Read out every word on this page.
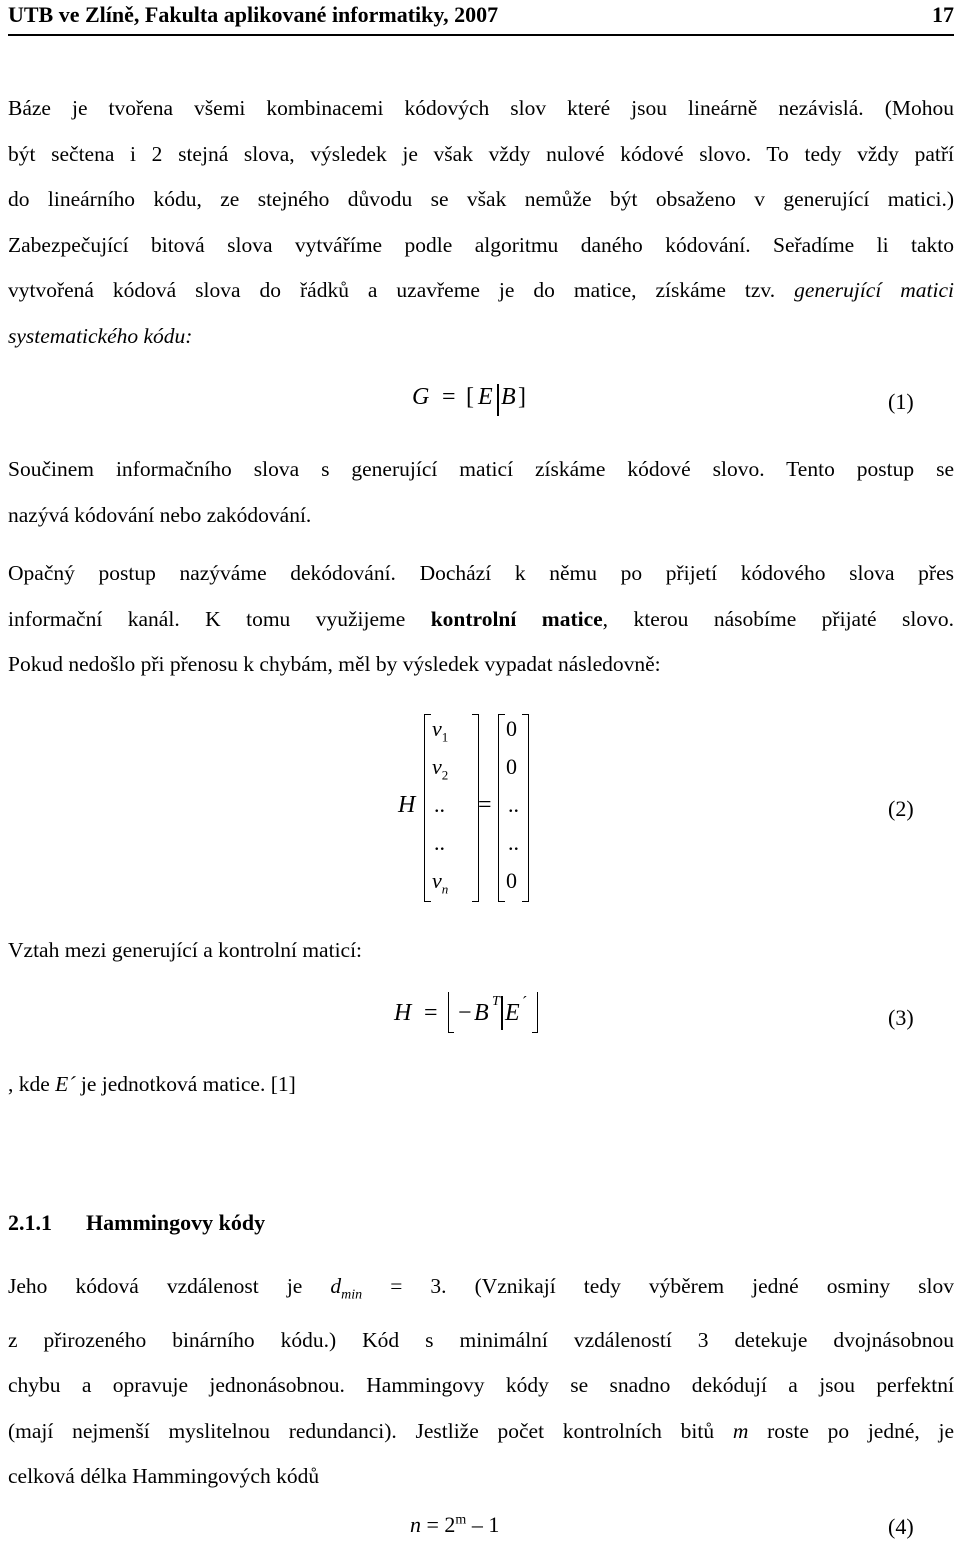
UTB ve Zlíně, Fakulta aplikované informatiky, 2007	17
Báze je tvořena všemi kombinacemi kódových slov které jsou lineárně nezávislá. (Mohou
být sečtena i 2 stejná slova, výsledek je však vždy nulové kódové slovo. To tedy vždy patří
do lineárního kódu, ze stejného důvodu se však nemůže být obsaženo v generující matici.)
Zabezpečující bitová slova vytváříme podle algoritmu daného kódování. Seřadíme li takto
vytvořená kódová slova do řádků a uzavřeme je do matice, získáme tzv. generující matici
systematického kódu:
G = [ E B ]	(1)
Součinem informačního slova s generující maticí získáme kódové slovo. Tento postup se
nazývá kódování nebo zakódování.
Opačný postup nazýváme dekódování. Dochází k němu po přijetí kódového slova přes
informační kanál. K tomu využijeme kontrolní matice, kterou násobíme přijaté slovo.
Pokud nedošlo při přenosu k chybám, měl by výsledek vypadat následovně:
H
$v_1$
$v_2$
..
..
$v_n$
=
0
0
..
..
0
(2)
Vztah mezi generující a kontrolní maticí:
H = − B T E ´
(3)
, kde E´ je jednotková matice. [1]
2.1.1 Hammingovy kódy
Jeho kódová vzdálenost je $d_{min} = 3$. (Vznikají tedy výběrem jedné osminy slov
z přirozeného binárního kódu.) Kód s minimální vzdáleností 3 detekuje dvojnásobnou
chybu a opravuje jednonásobnou. Hammingovy kódy se snadno dekódují a jsou perfektní
(mají nejmenší myslitelnou redundanci). Jestliže počet kontrolních bitů m roste po jedné, je
celková délka Hammingových kódů
$n = 2^m - 1$	(4)
